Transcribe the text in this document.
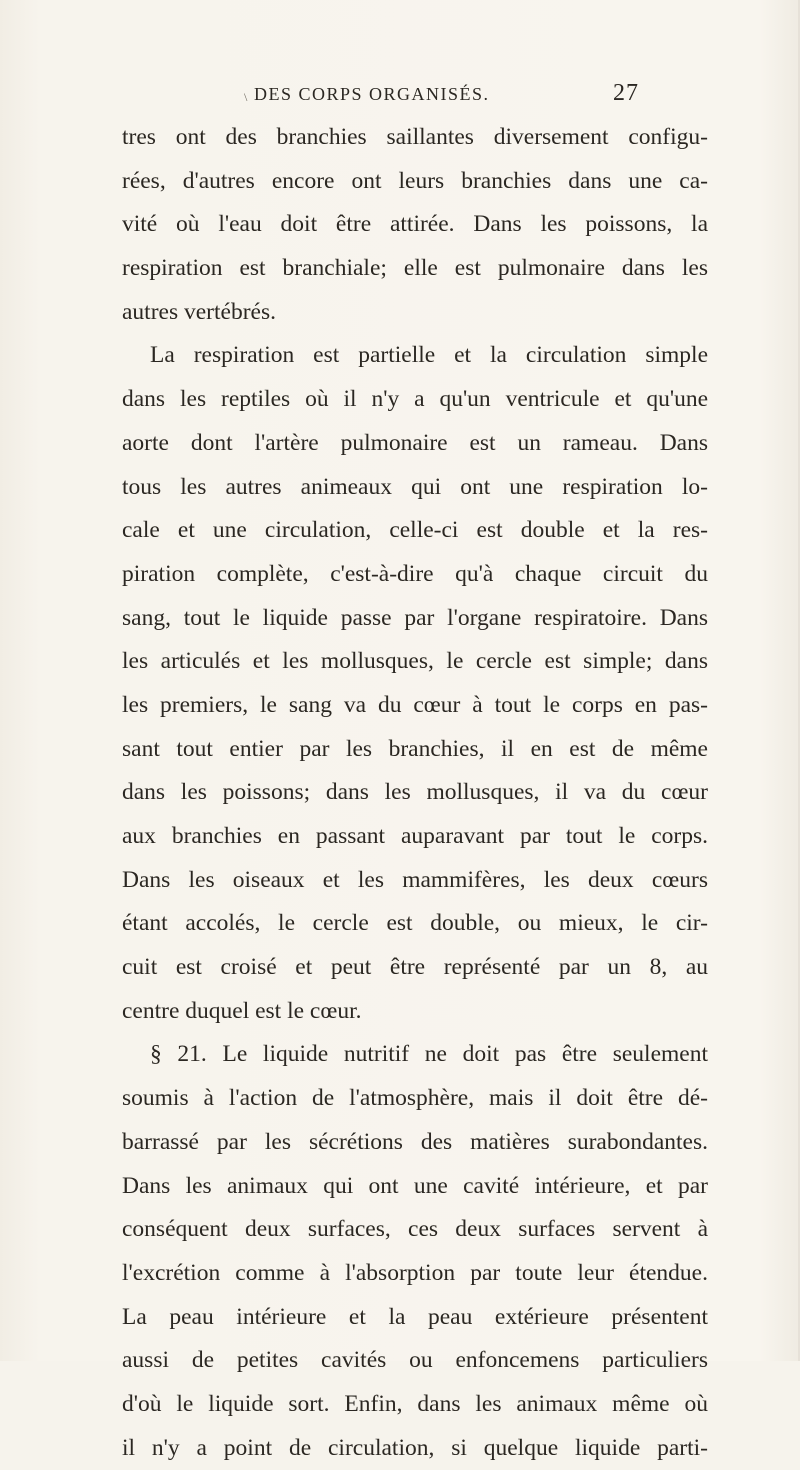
\ DES CORPS ORGANISÉS.	27
tres ont des branchies saillantes diversement configu-
rées, d'autres encore ont leurs branchies dans une ca-
vité où l'eau doit être attirée. Dans les poissons, la
respiration est branchiale; elle est pulmonaire dans les
autres vertébrés.
La respiration est partielle et la circulation simple
dans les reptiles où il n'y a qu'un ventricule et qu'une
aorte dont l'artère pulmonaire est un rameau. Dans
tous les autres animeaux qui ont une respiration lo-
cale et une circulation, celle-ci est double et la res-
piration complète, c'est-à-dire qu'à chaque circuit du
sang, tout le liquide passe par l'organe respiratoire. Dans
les articulés et les mollusques, le cercle est simple; dans
les premiers, le sang va du cœur à tout le corps en pas-
sant tout entier par les branchies, il en est de même
dans les poissons; dans les mollusques, il va du cœur
aux branchies en passant auparavant par tout le corps.
Dans les oiseaux et les mammifères, les deux cœurs
étant accolés, le cercle est double, ou mieux, le cir-
cuit est croisé et peut être représenté par un 8, au
centre duquel est le cœur.
§ 21. Le liquide nutritif ne doit pas être seulement
soumis à l'action de l'atmosphère, mais il doit être dé-
barrassé par les sécrétions des matières surabondantes.
Dans les animaux qui ont une cavité intérieure, et par
conséquent deux surfaces, ces deux surfaces servent à
l'excrétion comme à l'absorption par toute leur étendue.
La peau intérieure et la peau extérieure présentent
aussi de petites cavités ou enfoncemens particuliers
d'où le liquide sort. Enfin, dans les animaux même où
il n'y a point de circulation, si quelque liquide parti-
